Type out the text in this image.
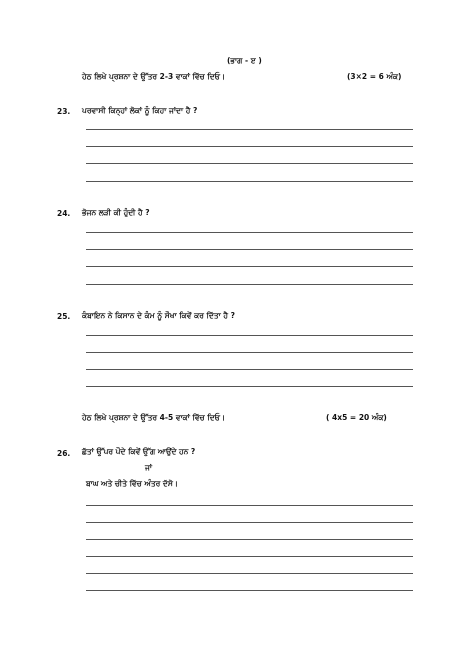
(ਭਾਗ - ੲ )
ਹੇਠ ਲਿਖੇ ਪ੍ਰਸ਼ਨਾ ਦੇ ਉੱਤਰ 2-3 ਵਾਕਾਂ ਵਿੱਚ ਦਿਓ।	(3×2 = 6 ਅੰਕ)
23. ਪਰਵਾਸੀ ਕਿਨ੍ਹਾਂ ਲੋਕਾਂ ਨੂੰ ਕਿਹਾ ਜਾਂਦਾ ਹੈ ?
24. ਭੋਜਨ ਲੜੀ ਕੀ ਹੁੰਦੀ ਹੈ ?
25. ਕੰਬਾਇਨ ਨੇ ਕਿਸਾਨ ਦੇ ਕੰਮ ਨੂੰ ਸੌਖਾ ਕਿਵੇਂ ਕਰ ਦਿੱਤਾ ਹੈ ?
ਹੇਠ ਲਿਖੇ ਪ੍ਰਸ਼ਨਾ ਦੇ ਉੱਤਰ 4-5 ਵਾਕਾਂ ਵਿੱਚ ਦਿਓ।	( 4x5 = 20 ਅੰਕ)
26. ਛੱਤਾਂ ਉੱਪਰ ਪੌਦੇ ਕਿਵੇਂ ਉੱਗ ਆਉਂਦੇ ਹਨ ?
ਜਾਂ
ਬਾਘ ਅਤੇ ਚੀਤੇ ਵਿੱਚ ਅੰਤਰ ਦੱਸੋ।
